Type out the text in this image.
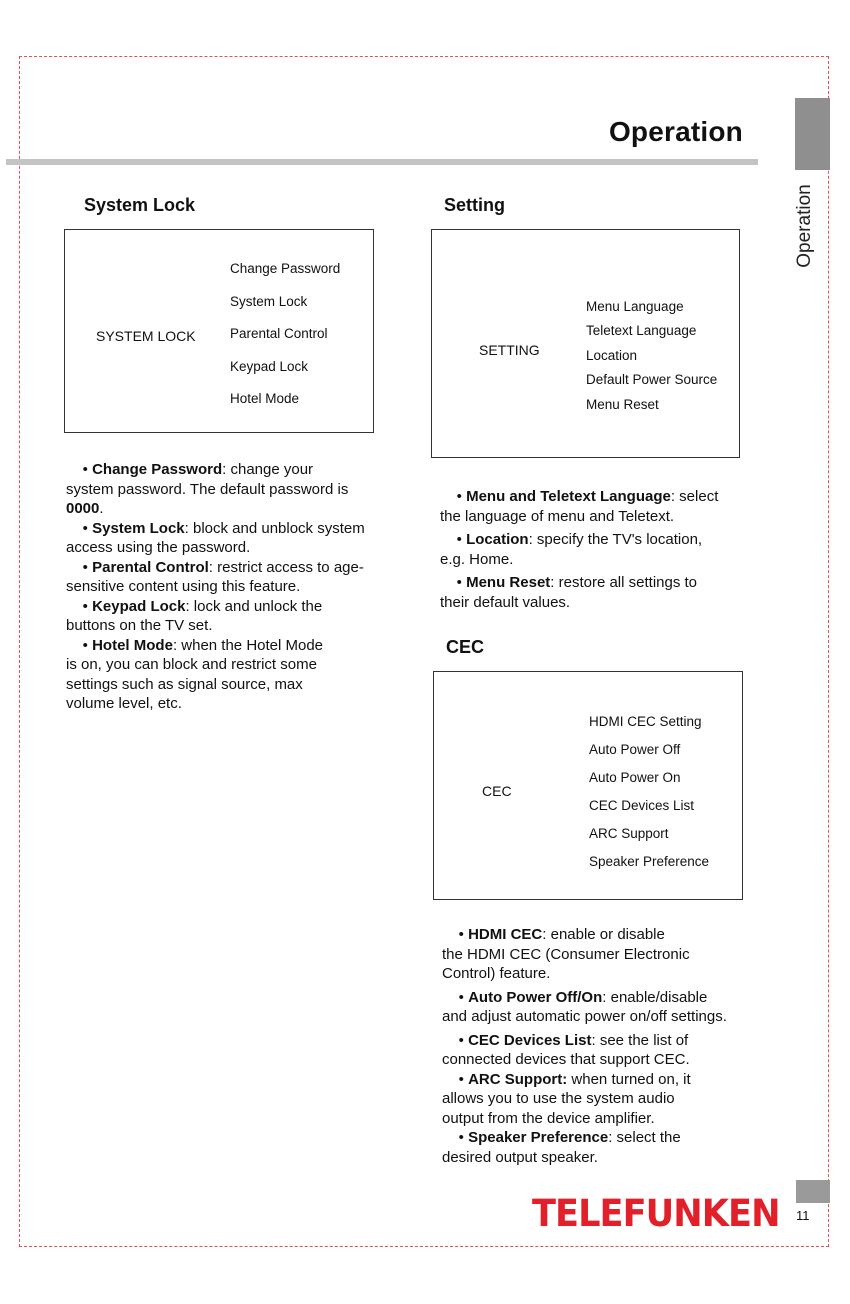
Operation
Operation
System Lock
SYSTEM LOCK
Change Password
System Lock
Parental Control
Keypad Lock
Hotel Mode

• Change Password: change your
system password. The default password is
0000.

• System Lock: block and unblock system
access using the password.

• Parental Control: restrict access to age-
sensitive content using this feature.

• Keypad Lock: lock and unlock the
buttons on the TV set.

• Hotel Mode: when the Hotel Mode
is on, you can block and restrict some
settings such as signal source, max
volume level, etc.

Setting
SETTING
Menu Language
Teletext Language
Location
Default Power Source
Menu Reset

• Menu and Teletext Language: select
the language of menu and Teletext.

• Location: specify the TV's location,
e.g. Home.

• Menu Reset: restore all settings to
their default values.

CEC
CEC
HDMI CEC Setting
Auto Power Off
Auto Power On
CEC Devices List
ARC Support
Speaker Preference

• HDMI CEC: enable or disable
the HDMI CEC (Consumer Electronic
Control) feature.

• Auto Power Off/On: enable/disable
and adjust automatic power on/off settings.

• CEC Devices List: see the list of
connected devices that support CEC.

• ARC Support: when turned on, it
allows you to use the system audio
output from the device amplifier.

• Speaker Preference: select the
desired output speaker.

TELEFUNKEN 11
